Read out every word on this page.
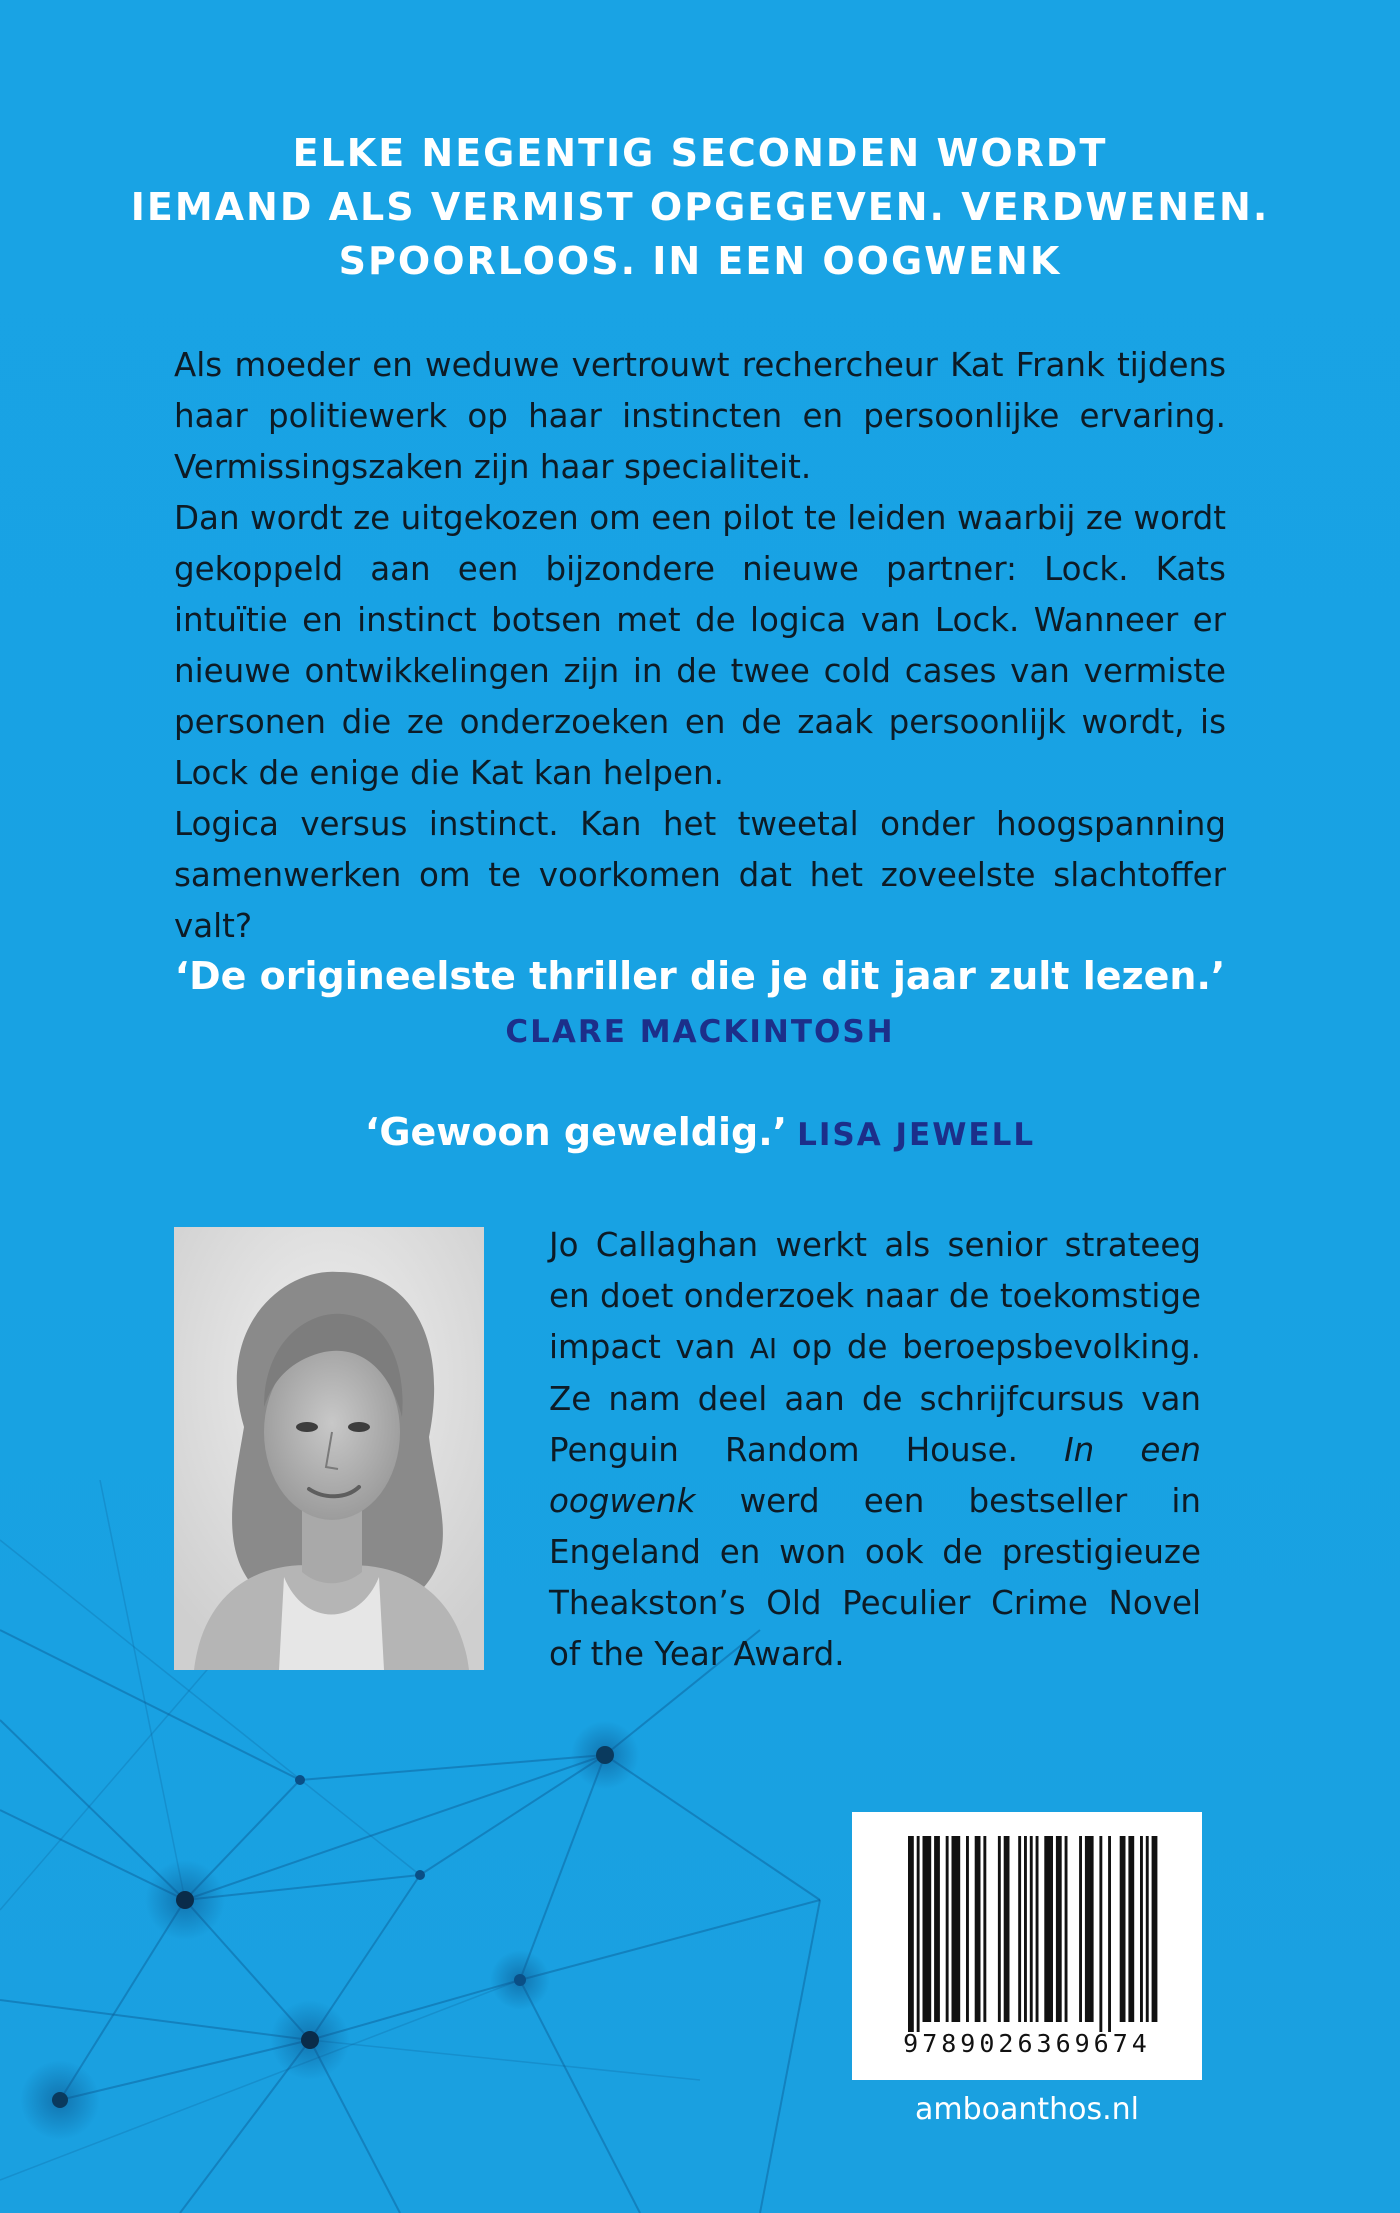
ELKE NEGENTIG SECONDEN WORDT
IEMAND ALS VERMIST OPGEGEVEN. VERDWENEN.
SPOORLOOS. IN EEN OOGWENK

Als moeder en weduwe vertrouwt rechercheur Kat Frank tijdens haar politiewerk op haar instincten en persoonlijke ervaring. Vermissingszaken zijn haar specialiteit.

Dan wordt ze uitgekozen om een pilot te leiden waarbij ze wordt gekoppeld aan een bijzondere nieuwe partner: Lock. Kats intuïtie en instinct botsen met de logica van Lock. Wanneer er nieuwe ontwikkelingen zijn in de twee cold cases van vermiste personen die ze onderzoeken en de zaak persoonlijk wordt, is Lock de enige die Kat kan helpen.

Logica versus instinct. Kan het tweetal onder hoogspanning samenwerken om te voorkomen dat het zoveelste slachtoffer valt?

‘De origineelste thriller die je dit jaar zult lezen.’
CLARE MACKINTOSH
‘Gewoon geweldig.’ LISA JEWELL

Jo Callaghan werkt als senior strateeg en doet onderzoek naar de toekomstige impact van AI op de beroepsbevolking. Ze nam deel aan de schrijfcursus van Penguin Random House. In een oogwenk werd een bestseller in Engeland en won ook de prestigieuze Theakston’s Old Peculier Crime Novel of the Year Award.

9789026369674
amboanthos.nl
